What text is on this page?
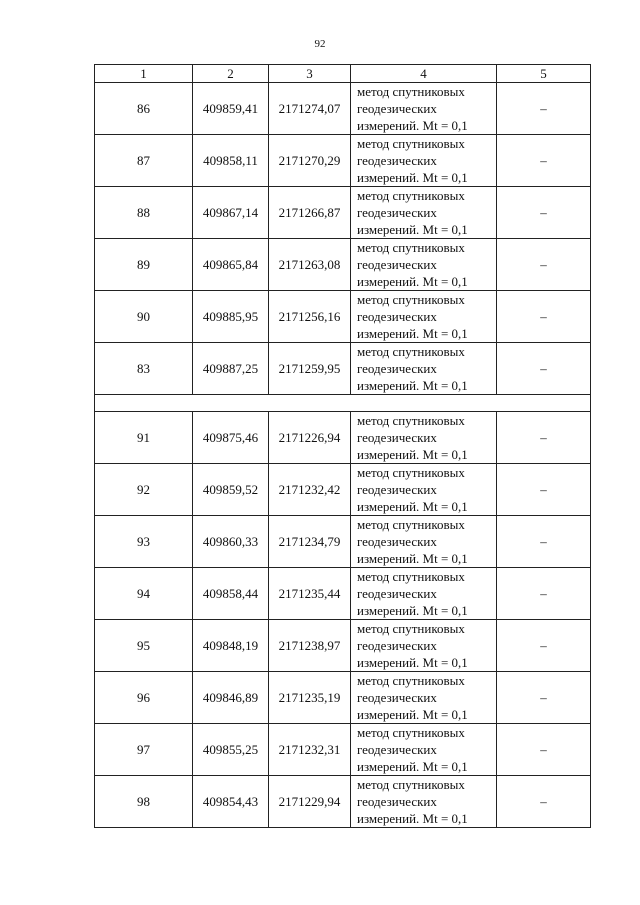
92
1	2	3	4	5
86	409859,41	2171274,07	метод спутниковых
геодезических
измерений. Mt = 0,1	–
87	409858,11	2171270,29	метод спутниковых
геодезических
измерений. Mt = 0,1	–
88	409867,14	2171266,87	метод спутниковых
геодезических
измерений. Mt = 0,1	–
89	409865,84	2171263,08	метод спутниковых
геодезических
измерений. Mt = 0,1	–
90	409885,95	2171256,16	метод спутниковых
геодезических
измерений. Mt = 0,1	–
83	409887,25	2171259,95	метод спутниковых
геодезических
измерений. Mt = 0,1	–

91	409875,46	2171226,94	метод спутниковых
геодезических
измерений. Mt = 0,1	–
92	409859,52	2171232,42	метод спутниковых
геодезических
измерений. Mt = 0,1	–
93	409860,33	2171234,79	метод спутниковых
геодезических
измерений. Mt = 0,1	–
94	409858,44	2171235,44	метод спутниковых
геодезических
измерений. Mt = 0,1	–
95	409848,19	2171238,97	метод спутниковых
геодезических
измерений. Mt = 0,1	–
96	409846,89	2171235,19	метод спутниковых
геодезических
измерений. Mt = 0,1	–
97	409855,25	2171232,31	метод спутниковых
геодезических
измерений. Mt = 0,1	–
98	409854,43	2171229,94	метод спутниковых
геодезических
измерений. Mt = 0,1	–
